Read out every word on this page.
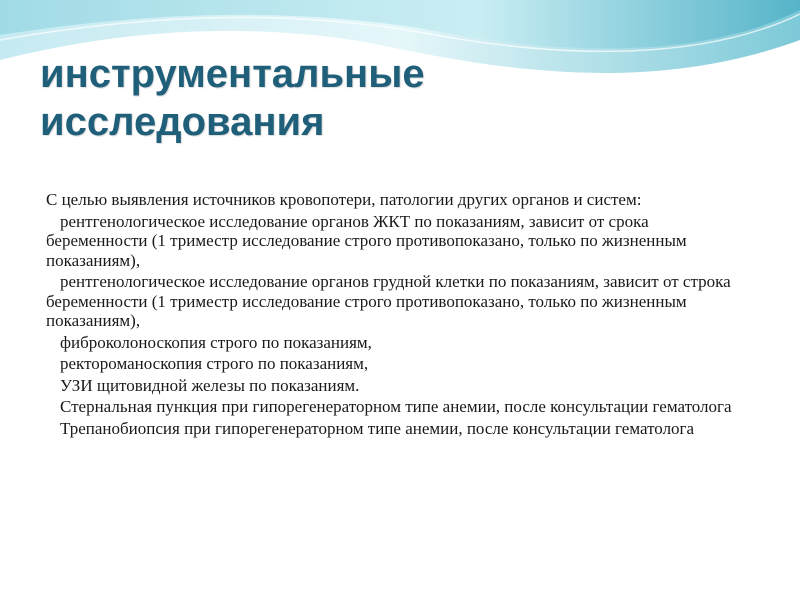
инструментальные
исследования

С целью выявления источников кровопотери, патологии других органов и систем:

рентгенологическое исследование органов ЖКТ по показаниям, зависит от срока беременности (1 триместр исследование строго противопоказано, только по жизненным показаниям),

рентгенологическое исследование органов грудной клетки по показаниям, зависит от строка беременности (1 триместр исследование строго противопоказано, только по жизненным показаниям),

фиброколоноскопия строго по показаниям,

ректороманоскопия строго по показаниям,

УЗИ щитовидной железы по показаниям.

Стернальная пункция при гипорегенераторном типе анемии, после консультации гематолога

Трепанобиопсия при гипорегенераторном типе анемии, после консультации гематолога
